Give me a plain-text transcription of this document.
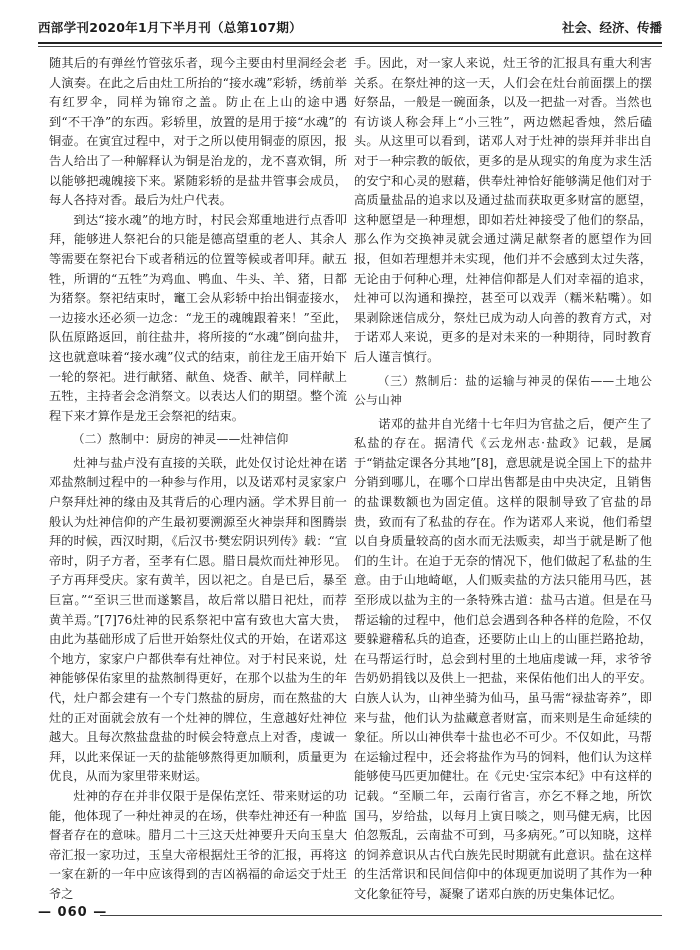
西部学刊2020年1月下半月刊（总第107期）	社会、经济、传播

随其后的有弹丝竹管弦乐者，现今主要由村里洞经会老人演奏。在此之后由灶工所抬的“接水魂”彩轿，绣前举有红罗伞，同样为锦帘之盖。防止在上山的途中遇到“不干净”的东西。彩轿里，放置的是用于接“水魂”的铜壶。在寅宜过程中，对于之所以使用铜壶的原因，报告人给出了一种解释认为铜是治龙的，龙不喜欢铜，所以能够把魂魄接下来。紧随彩轿的是盐井管事会成员，每人各持对香。最后为灶户代表。

到达“接水魂”的地方时，村民会郑重地进行点香叩拜，能够进人祭祀台的只能是德高望重的老人、其余人等需要在祭祀台下或者稍远的位置等候或者叩拜。献五牲，所谓的“五牲”为鸡血、鸭血、牛头、羊、猪，日都为猪祭。祭祀结束时，竃工会从彩轿中抬出铜壶接水，一边接水还必须一边念：“龙王的魂魄跟着来！”至此，队伍原路返回，前往盐井，将所接的“水魂”倒向盐井，这也就意味着“接水魂”仪式的结束，前往龙王庙开始下一轮的祭祀。进行献猪、献鱼、烧香、献羊，同样献上五牲，主持者会念消祭文。以表达人们的期望。整个流程下来才算作是龙王会祭祀的结束。

（二）熬制中：厨房的神灵——灶神信仰

灶神与盐卢没有直接的关联，此处仅讨论灶神在诺邓盐熬制过程中的一种参与作用，以及诺邓村灵家家户户祭拜灶神的缘由及其背后的心理内涵。学术界目前一般认为灶神信仰的产生最初要溯源至火神崇拜和图腾崇拜的时候，西汉时期，《后汉书·樊宏阴识列传》载：“宣帝时，阴子方者，至孝有仁恩。腊日晨炊而灶神形见。子方再拜受庆。家有黄羊，因以祀之。自是已后，暴至巨富。”“至识三世而遂繁昌，故后常以腊日祀灶，而荐黄羊焉。”[7]76灶神的民系祭祀中富有致也大富大贵，由此为基础形成了后世开始祭灶仪式的开始，在诺邓这个地方，家家户户都供奉有灶神位。对于村民来说，灶神能够保佑家里的盐熬制得更好，在那个以盐为生的年代，灶户都会建有一个专门熬盐的厨房，而在熬盐的大灶的正对面就会放有一个灶神的牌位，生意越好灶神位越大。且每次熬盐盘盐的时候会特意点上对香，虔诚一拜，以此来保证一天的盐能够熬得更加顺利，质量更为优良，从而为家里带来财运。

灶神的存在并非仅限于是保佑烹饪、带来财运的功能，他体现了一种灶神灵的在场，供奉灶神还有一种监督者存在的意味。腊月二十三这天灶神要升天向玉皇大帝汇报一家功过，玉皇大帝根据灶王爷的汇报，再将这一家在新的一年中应该得到的吉凶祸福的命运交于灶王爷之

手。因此，对一家人来说，灶王爷的汇报具有重大利害关系。在祭灶神的这一天，人们会在灶台前面摆上的摆好祭品，一般是一碗面条，以及一把盐一对香。当然也有访谈人称会拜上“小三牲”，两边燃起香烛，然后磕头。从这里可以看到，诺邓人对于灶神的崇拜并非出自对于一种宗教的皈依，更多的是从现实的角度为求生活的安宁和心灵的慰藉，供奉灶神恰好能够满足他们对于高质量盐品的追求以及通过盐而获取更多财富的愿望，这种愿望是一种理想，即如若灶神接受了他们的祭品，那么作为交换神灵就会通过满足献祭者的愿望作为回报，但如若理想并未实现，他们并不会感到太过失落，无论由于何种心理，灶神信仰都是人们对幸福的追求，灶神可以沟通和操控，甚至可以戏弄（糯米粘嘴）。如果剥除迷信成分，祭灶已成为动人向善的教育方式，对于诺邓人来说，更多的是对未来的一种期待，同时教育后人谨言慎行。

（三）熬制后：盐的运输与神灵的保佑——土地公公与山神

诺邓的盐井自光绪十七年归为官盐之后，便产生了私盐的存在。据清代《云龙州志·盐政》记载，是属于“销盐定课各分其地”[8]，意思就是说全国上下的盐井分销到哪儿，在哪个口岸出售都是由中央决定，且销售的盐课数额也为固定值。这样的限制导致了官盐的昂贵，致而有了私盐的存在。作为诺邓人来说，他们希望以自身质量较高的卤水而无法贩卖，却当于就是断了他们的生计。在迫于无奈的情况下，他们做起了私盐的生意。由于山地崎岖，人们贩卖盐的方法只能用马匹，甚至形成以盐为主的一条特殊古道：盐马古道。但是在马帮运输的过程中，他们总会遇到各种各样的危险，不仅要躲避稽私兵的追查，还要防止山上的山匪拦路抢劫，在马帮运行时，总会到村里的土地庙虔诚一拜，求爷爷告奶奶捐钱以及供上一把盐，来保佑他们出人的平安。白族人认为，山神坐骑为仙马，虽马需“禄盐寄养”，即来与盐，他们认为盐藏意者财富，而来则是生命延续的象征。所以山神供奉十盐也必不可少。不仅如此，马帮在运输过程中，还会将盐作为马的饲料，他们认为这样能够使马匹更加健壮。在《元史·宝宗本纪》中有这样的记载。“至顺二年，云南行省言，亦乞不释之地，所饮国马，岁给盐，以每月上寅日啖之，则马健无病，比因伯忽叛乱，云南盐不可到，马多病死。”可以知晓，这样的饲养意识从古代白族先民时期就有此意识。盐在这样的生活常识和民间信仰中的体现更加说明了其作为一种文化象征符号，凝聚了诺邓白族的历史集体记忆。

— 060 —
